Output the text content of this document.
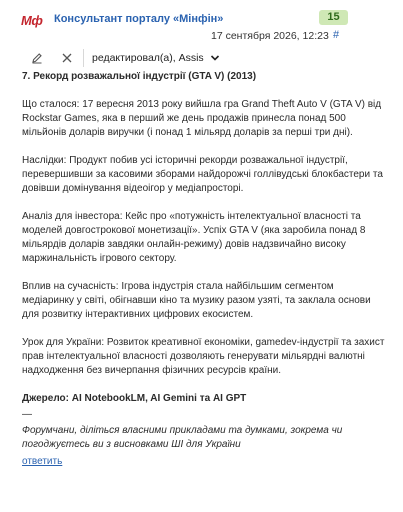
Мф Консультант порталу «Мінфін»	15
17 сентября 2026, 12:23 #
редактировал(а), Assis
7. Рекорд розважальної індустрії (GTA V) (2013)

Що сталося: 17 вересня 2013 року вийшла гра Grand Theft Auto V (GTA V) від Rockstar Games, яка в перший же день продажів принесла понад 500 мільйонів доларів виручки (і понад 1 мільярд доларів за перші три дні).

Наслідки: Продукт побив усі історичні рекорди розважальної індустрії, перевершивши за касовими зборами найдорожчі голлівудські блокбастери та довівши домінування відеоігор у медіапросторі.

Аналіз для інвестора: Кейс про «потужність інтелектуальної власності та моделей довгострокової монетизації». Успіх GTA V (яка заробила понад 8 мільярдів доларів завдяки онлайн-режиму) довів надзвичайно високу маржинальність ігрового сектору.

Вплив на сучасність: Ігрова індустрія стала найбільшим сегментом медіаринку у світі, обігнавши кіно та музику разом узяті, та заклала основи для розвитку інтерактивних цифрових екосистем.

Урок для України: Розвиток креативної економіки, gamedev-індустрії та захист прав інтелектуальної власності дозволяють генерувати мільярдні валютні надходження без вичерпання фізичних ресурсів країни.

Джерело: AI NotebookLM, AI Gemini та AI GPT
—
Форумчани, діліться власними прикладами та думками, зокрема чи погоджуєтесь ви з висновками ШІ для України
ответить
